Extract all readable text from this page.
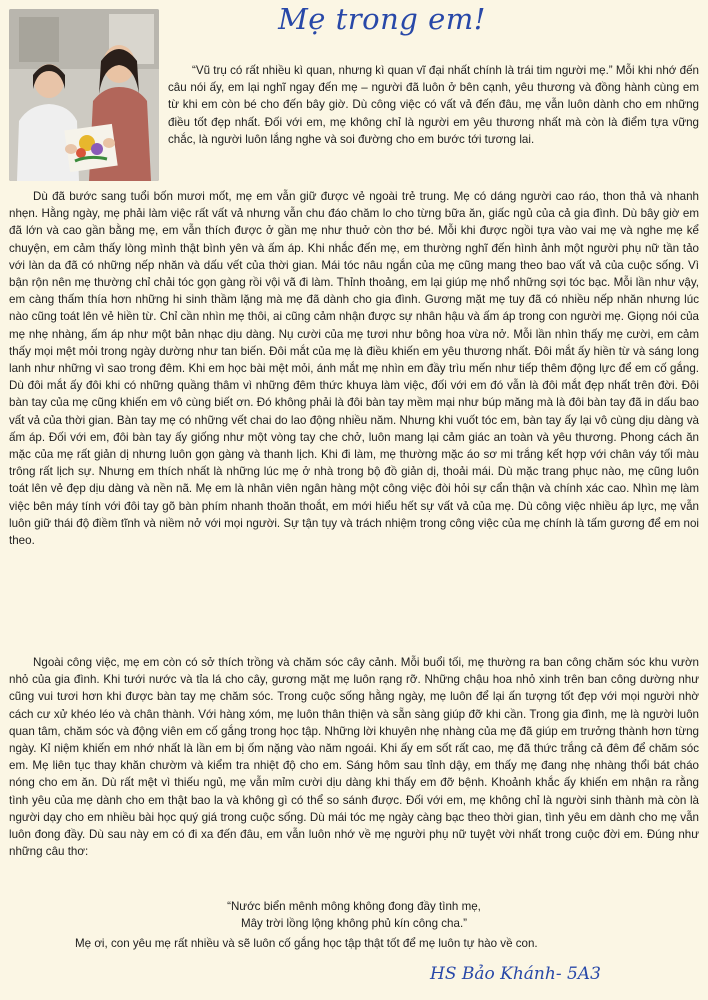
Mẹ trong em!

“Vũ trụ có rất nhiều kì quan, nhưng kì quan vĩ đại nhất chính là trái tim người mẹ.” Mỗi khi nhớ đến câu nói ấy, em lại nghĩ ngay đến mẹ – người đã luôn ở bên cạnh, yêu thương và đồng hành cùng em từ khi em còn bé cho đến bây giờ. Dù công việc có vất vả đến đâu, mẹ vẫn luôn dành cho em những điều tốt đẹp nhất. Đối với em, mẹ không chỉ là người em yêu thương nhất mà còn là điểm tựa vững chắc, là người luôn lắng nghe và soi đường cho em bước tới tương lai.

Dù đã bước sang tuổi bốn mươi mốt, mẹ em vẫn giữ được vẻ ngoài trẻ trung. Mẹ có dáng người cao ráo, thon thả và nhanh nhẹn. Hằng ngày, mẹ phải làm việc rất vất vả nhưng vẫn chu đáo chăm lo cho từng bữa ăn, giấc ngủ của cả gia đình. Dù bây giờ em đã lớn và cao gần bằng mẹ, em vẫn thích được ở gần mẹ như thuở còn thơ bé. Mỗi khi được ngồi tựa vào vai mẹ và nghe mẹ kể chuyện, em cảm thấy lòng mình thật bình yên và ấm áp. Khi nhắc đến mẹ, em thường nghĩ đến hình ảnh một người phụ nữ tần tảo với làn da đã có những nếp nhăn và dấu vết của thời gian. Mái tóc nâu ngắn của mẹ cũng mang theo bao vất vả của cuộc sống. Vì bận rộn nên mẹ thường chỉ chải tóc gọn gàng rồi vội vã đi làm. Thỉnh thoảng, em lại giúp mẹ nhổ những sợi tóc bạc. Mỗi lần như vậy, em càng thấm thía hơn những hi sinh thầm lặng mà mẹ đã dành cho gia đình. Gương mặt mẹ tuy đã có nhiều nếp nhăn nhưng lúc nào cũng toát lên vẻ hiền từ. Chỉ cần nhìn mẹ thôi, ai cũng cảm nhận được sự nhân hậu và ấm áp trong con người mẹ. Giọng nói của mẹ nhẹ nhàng, ấm áp như một bản nhạc dịu dàng. Nụ cười của mẹ tươi như bông hoa vừa nở. Mỗi lần nhìn thấy mẹ cười, em cảm thấy mọi mệt mỏi trong ngày dường như tan biến. Đôi mắt của mẹ là điều khiến em yêu thương nhất. Đôi mắt ấy hiền từ và sáng long lanh như những vì sao trong đêm. Khi em học bài mệt mỏi, ánh mắt mẹ nhìn em đầy trìu mến như tiếp thêm động lực để em cố gắng. Dù đôi mắt ấy đôi khi có những quầng thâm vì những đêm thức khuya làm việc, đối với em đó vẫn là đôi mắt đẹp nhất trên đời. Đôi bàn tay của mẹ cũng khiến em vô cùng biết ơn. Đó không phải là đôi bàn tay mềm mại như búp măng mà là đôi bàn tay đã in dấu bao vất vả của thời gian. Bàn tay mẹ có những vết chai do lao động nhiều năm. Nhưng khi vuốt tóc em, bàn tay ấy lại vô cùng dịu dàng và ấm áp. Đối với em, đôi bàn tay ấy giống như một vòng tay che chở, luôn mang lại cảm giác an toàn và yêu thương. Phong cách ăn mặc của mẹ rất giản dị nhưng luôn gọn gàng và thanh lịch. Khi đi làm, mẹ thường mặc áo sơ mi trắng kết hợp với chân váy tối màu trông rất lịch sự. Nhưng em thích nhất là những lúc mẹ ở nhà trong bộ đồ giản dị, thoải mái. Dù mặc trang phục nào, mẹ cũng luôn toát lên vẻ đẹp dịu dàng và nền nã. Mẹ em là nhân viên ngân hàng một công việc đòi hỏi sự cẩn thận và chính xác cao. Nhìn mẹ làm việc bên máy tính với đôi tay gõ bàn phím nhanh thoăn thoắt, em mới hiểu hết sự vất vả của mẹ. Dù công việc nhiều áp lực, mẹ vẫn luôn giữ thái độ điềm tĩnh và niềm nở với mọi người. Sự tận tụy và trách nhiệm trong công việc của mẹ chính là tấm gương để em noi theo.

Ngoài công việc, mẹ em còn có sở thích trồng và chăm sóc cây cảnh. Mỗi buổi tối, mẹ thường ra ban công chăm sóc khu vườn nhỏ của gia đình. Khi tưới nước và tỉa lá cho cây, gương mặt mẹ luôn rạng rỡ. Những chậu hoa nhỏ xinh trên ban công dường như cũng vui tươi hơn khi được bàn tay mẹ chăm sóc. Trong cuộc sống hằng ngày, mẹ luôn để lại ấn tượng tốt đẹp với mọi người nhờ cách cư xử khéo léo và chân thành. Với hàng xóm, mẹ luôn thân thiện và sẵn sàng giúp đỡ khi cần. Trong gia đình, mẹ là người luôn quan tâm, chăm sóc và động viên em cố gắng trong học tập. Những lời khuyên nhẹ nhàng của mẹ đã giúp em trưởng thành hơn từng ngày. Kỉ niệm khiến em nhớ nhất là lần em bị ốm nặng vào năm ngoái. Khi ấy em sốt rất cao, mẹ đã thức trắng cả đêm để chăm sóc em. Mẹ liên tục thay khăn chườm và kiểm tra nhiệt độ cho em. Sáng hôm sau tỉnh dậy, em thấy mẹ đang nhẹ nhàng thổi bát cháo nóng cho em ăn. Dù rất mệt vì thiếu ngủ, mẹ vẫn mỉm cười dịu dàng khi thấy em đỡ bệnh. Khoảnh khắc ấy khiến em nhận ra rằng tình yêu của mẹ dành cho em thật bao la và không gì có thể so sánh được. Đối với em, mẹ không chỉ là người sinh thành mà còn là người dạy cho em nhiều bài học quý giá trong cuộc sống. Dù mái tóc mẹ ngày càng bạc theo thời gian, tình yêu em dành cho mẹ vẫn luôn đong đầy. Dù sau này em có đi xa đến đâu, em vẫn luôn nhớ về mẹ người phụ nữ tuyệt vời nhất trong cuộc đời em. Đúng như những câu thơ:

“Nước biển mênh mông không đong đầy tình mẹ,
Mây trời lồng lộng không phủ kín công cha.”
Mẹ ơi, con yêu mẹ rất nhiều và sẽ luôn cố gắng học tập thật tốt để mẹ luôn tự hào về con.
HS Bảo Khánh- 5A3
